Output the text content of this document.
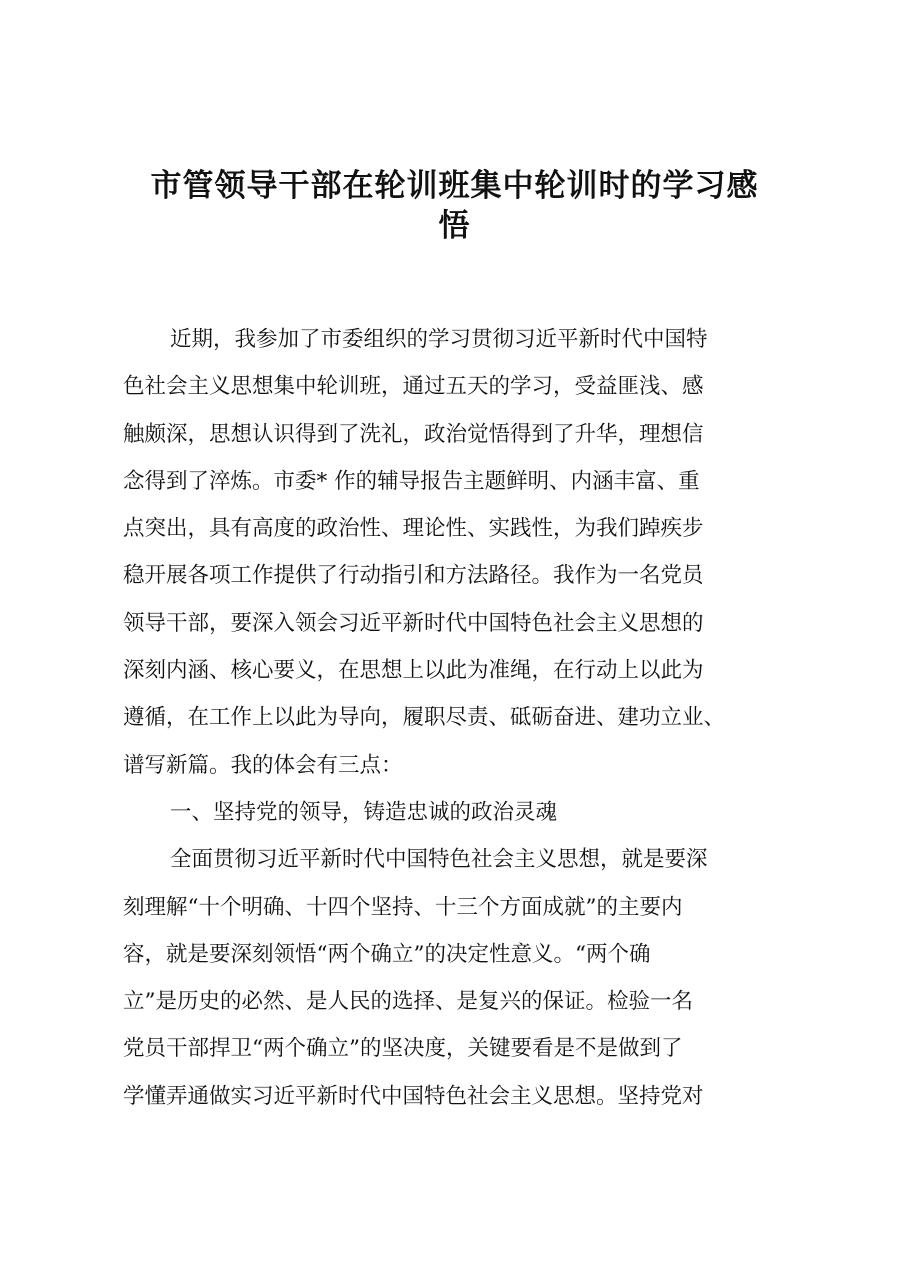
市管领导干部在轮训班集中轮训时的学习感
悟
近期，我参加了市委组织的学习贯彻习近平新时代中国特
色社会主义思想集中轮训班，通过五天的学习，受益匪浅、感
触颇深，思想认识得到了洗礼，政治觉悟得到了升华，理想信
念得到了淬炼。市委* 作的辅导报告主题鲜明、内涵丰富、重
点突出，具有高度的政治性、理论性、实践性，为我们踔疾步
稳开展各项工作提供了行动指引和方法路径。我作为一名党员
领导干部，要深入领会习近平新时代中国特色社会主义思想的
深刻内涵、核心要义，在思想上以此为准绳，在行动上以此为
遵循，在工作上以此为导向，履职尽责、砥砺奋进、建功立业、
谱写新篇。我的体会有三点：
一、坚持党的领导，铸造忠诚的政治灵魂
全面贯彻习近平新时代中国特色社会主义思想，就是要深
刻理解“十个明确、十四个坚持、十三个方面成就”的主要内
容，就是要深刻领悟“两个确立”的决定性意义。“两个确
立”是历史的必然、是人民的选择、是复兴的保证。检验一名
党员干部捍卫“两个确立”的坚决度，关键要看是不是做到了
学懂弄通做实习近平新时代中国特色社会主义思想。坚持党对
